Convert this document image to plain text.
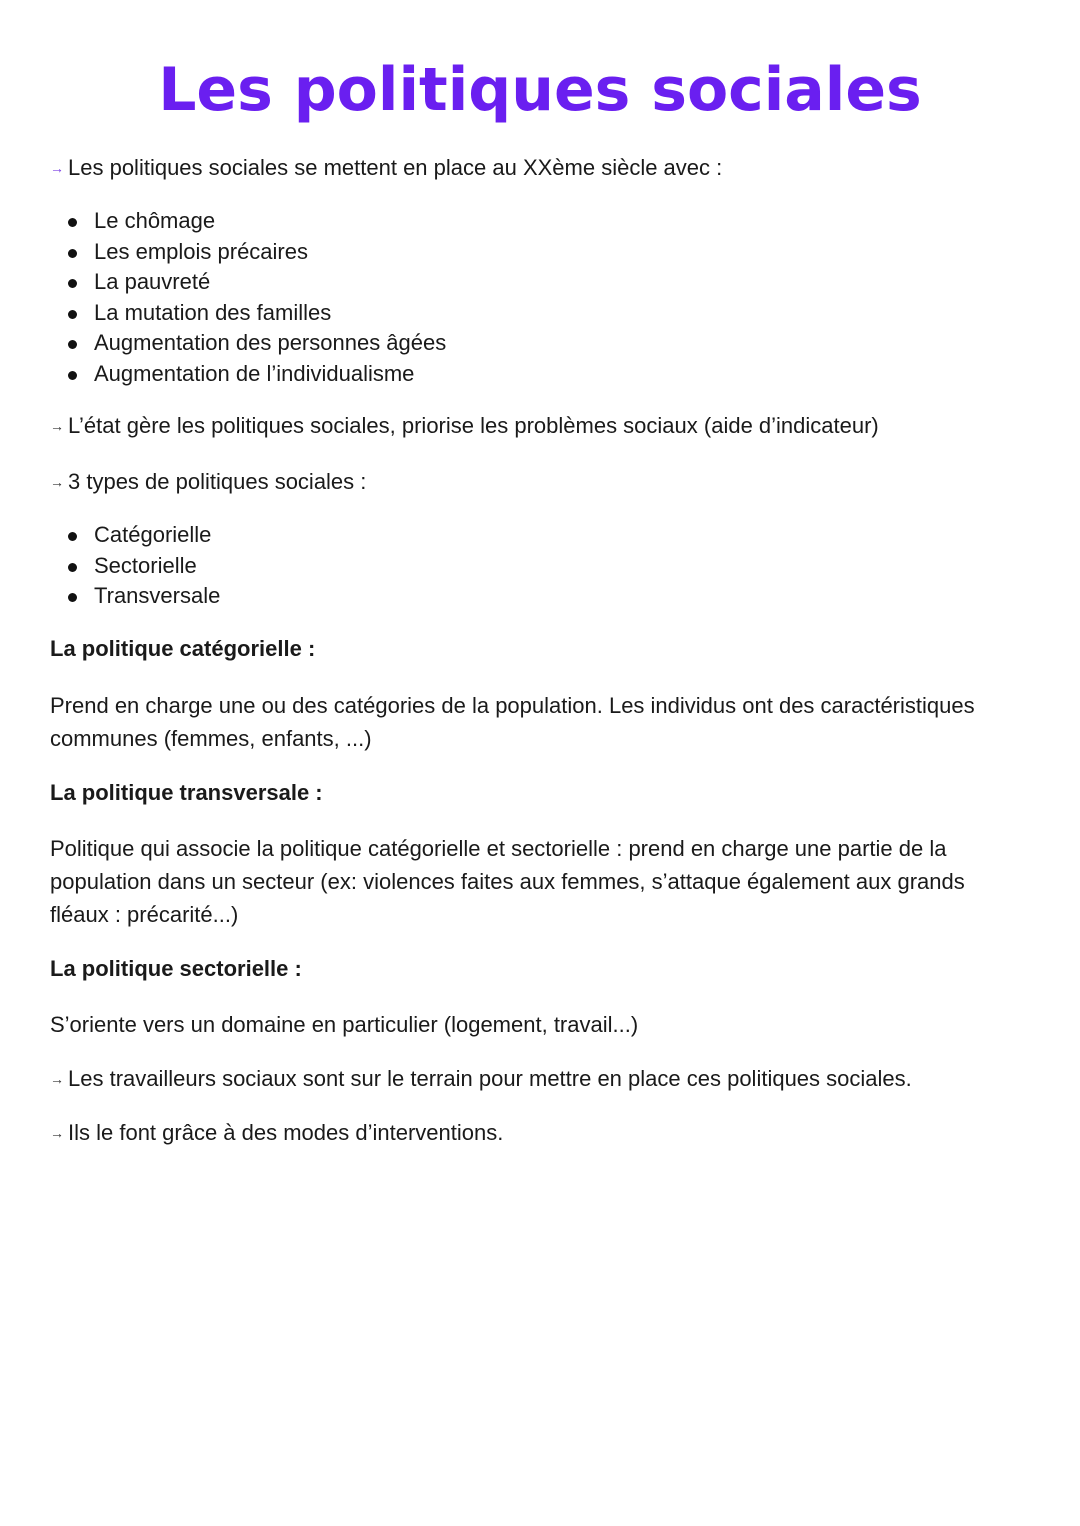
Les politiques sociales

→ Les politiques sociales se mettent en place au XXème siècle avec :

Le chômage
Les emplois précaires
La pauvreté
La mutation des familles
Augmentation des personnes âgées
Augmentation de l’individualisme

→ L’état gère les politiques sociales, priorise les problèmes sociaux (aide d’indicateur)

→ 3 types de politiques sociales :

Catégorielle
Sectorielle
Transversale

La politique catégorielle :

Prend en charge une ou des catégories de la population. Les individus ont des caractéristiques communes (femmes, enfants, ...)

La politique transversale :

Politique qui associe la politique catégorielle et sectorielle : prend en charge une partie de la population dans un secteur (ex: violences faites aux femmes, s’attaque également aux grands fléaux : précarité...)

La politique sectorielle :

S’oriente vers un domaine en particulier (logement, travail...)

→ Les travailleurs sociaux sont sur le terrain pour mettre en place ces politiques sociales.

→ Ils le font grâce à des modes d’interventions.
